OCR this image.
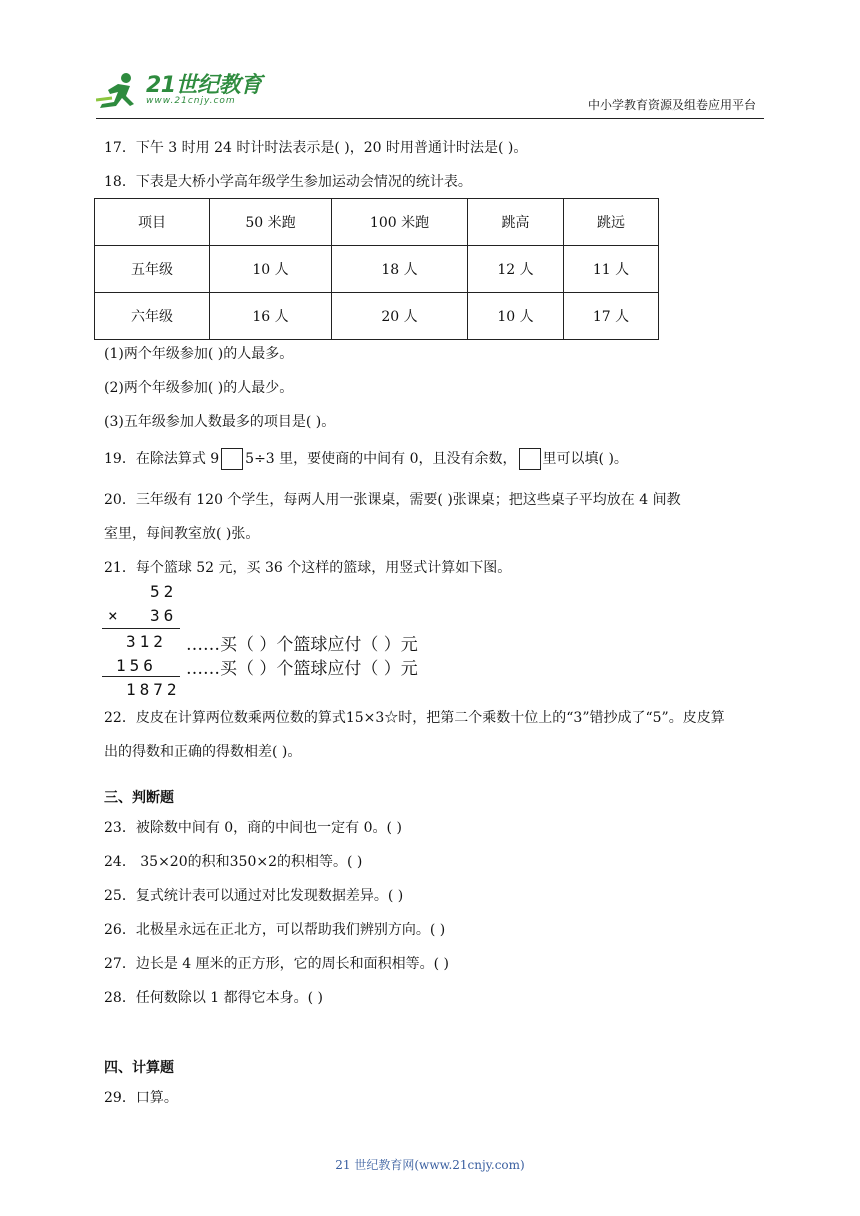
21世纪教育
www.21cnjy.com	中小学教育资源及组卷应用平台
17．下午 3 时用 24 时计时法表示是( )，20 时用普通计时法是( )。
18．下表是大桥小学高年级学生参加运动会情况的统计表。
项目	50 米跑	100 米跑	跳高	跳远
五年级	10 人	18 人	12 人	11 人
六年级	16 人	20 人	10 人	17 人
(1)两个年级参加( )的人最多。
(2)两个年级参加( )的人最少。
(3)五年级参加人数最多的项目是( )。
19．在除法算式 9 5÷3 里，要使商的中间有 0，且没有余数， 里可以填( )。
20．三年级有 120 个学生，每两人用一张课桌，需要( )张课桌；把这些桌子平均放在 4 间教
室里，每间教室放( )张。
21．每个篮球 52 元，买 36 个这样的篮球，用竖式计算如下图。
52
× 36
312 ……买（ ）个篮球应付（ ）元
156 ……买（ ）个篮球应付（ ）元
1872
22．皮皮在计算两位数乘两位数的算式15×3☆时，把第二个乘数十位上的“3”错抄成了“5”。皮皮算
出的得数和正确的得数相差( )。
三、判断题
23．被除数中间有 0，商的中间也一定有 0。( )
24． 35×20的积和350×2的积相等。( )
25．复式统计表可以通过对比发现数据差异。( )
26．北极星永远在正北方，可以帮助我们辨别方向。( )
27．边长是 4 厘米的正方形，它的周长和面积相等。( )
28．任何数除以 1 都得它本身。( )
四、计算题
29．口算。
21 世纪教育网(www.21cnjy.com)
